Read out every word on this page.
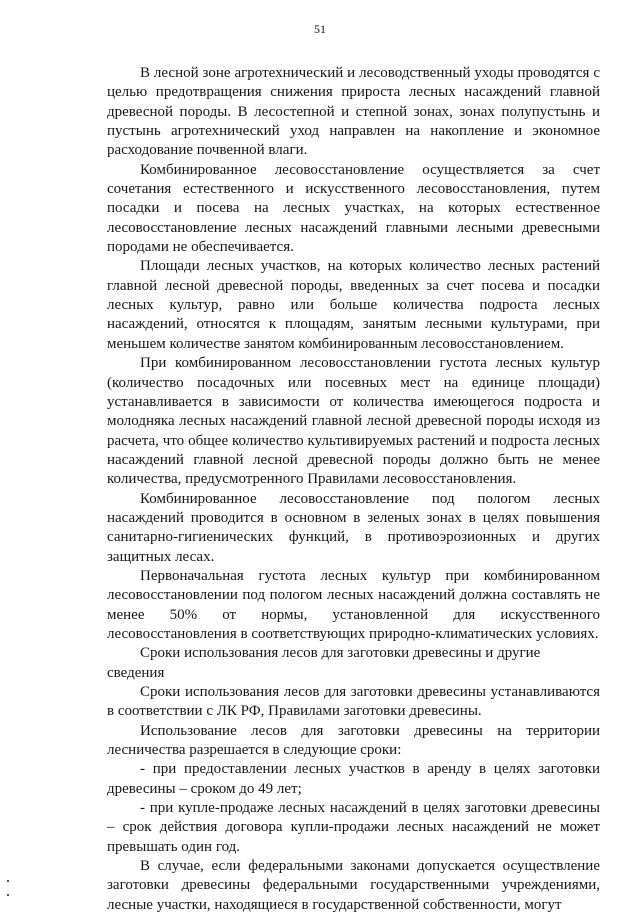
51

В лесной зоне агротехнический и лесоводственный уходы проводятся с целью предотвращения снижения прироста лесных насаждений главной древесной породы. В лесостепной и степной зонах, зонах полупустынь и пустынь агротехнический уход направлен на накопление и экономное расходование почвенной влаги.

Комбинированное лесовосстановление осуществляется за счет сочетания естественного и искусственного лесовосстановления, путем посадки и посева на лесных участках, на которых естественное лесовосстановление лесных насаждений главными лесными древесными породами не обеспечивается.

Площади лесных участков, на которых количество лесных растений главной лесной древесной породы, введенных за счет посева и посадки лесных культур, равно или больше количества подроста лесных насаждений, относятся к площадям, занятым лесными культурами, при меньшем количестве занятом комбинированным лесовосстановлением.

При комбинированном лесовосстановлении густота лесных культур (количество посадочных или посевных мест на единице площади) устанавливается в зависимости от количества имеющегося подроста и молодняка лесных насаждений главной лесной древесной породы исходя из расчета, что общее количество культивируемых растений и подроста лесных насаждений главной лесной древесной породы должно быть не менее количества, предусмотренного Правилами лесовосстановления.

Комбинированное лесовосстановление под пологом лесных насаждений проводится в основном в зеленых зонах в целях повышения санитарно-гигиенических функций, в противоэрозионных и других защитных лесах.

Первоначальная густота лесных культур при комбинированном лесовосстановлении под пологом лесных насаждений должна составлять не менее 50% от нормы, установленной для искусственного лесовосстановления в соответствующих природно-климатических условиях.

Сроки использования лесов для заготовки древесины и другие сведения

Сроки использования лесов для заготовки древесины устанавливаются в соответствии с ЛК РФ, Правилами заготовки древесины.

Использование лесов для заготовки древесины на территории лесничества разрешается в следующие сроки:

- при предоставлении лесных участков в аренду в целях заготовки древесины – сроком до 49 лет;

- при купле-продаже лесных насаждений в целях заготовки древесины – срок действия договора купли-продажи лесных насаждений не может превышать один год.

В случае, если федеральными законами допускается осуществление заготовки древесины федеральными государственными учреждениями, лесные участки, находящиеся в государственной собственности, могут
